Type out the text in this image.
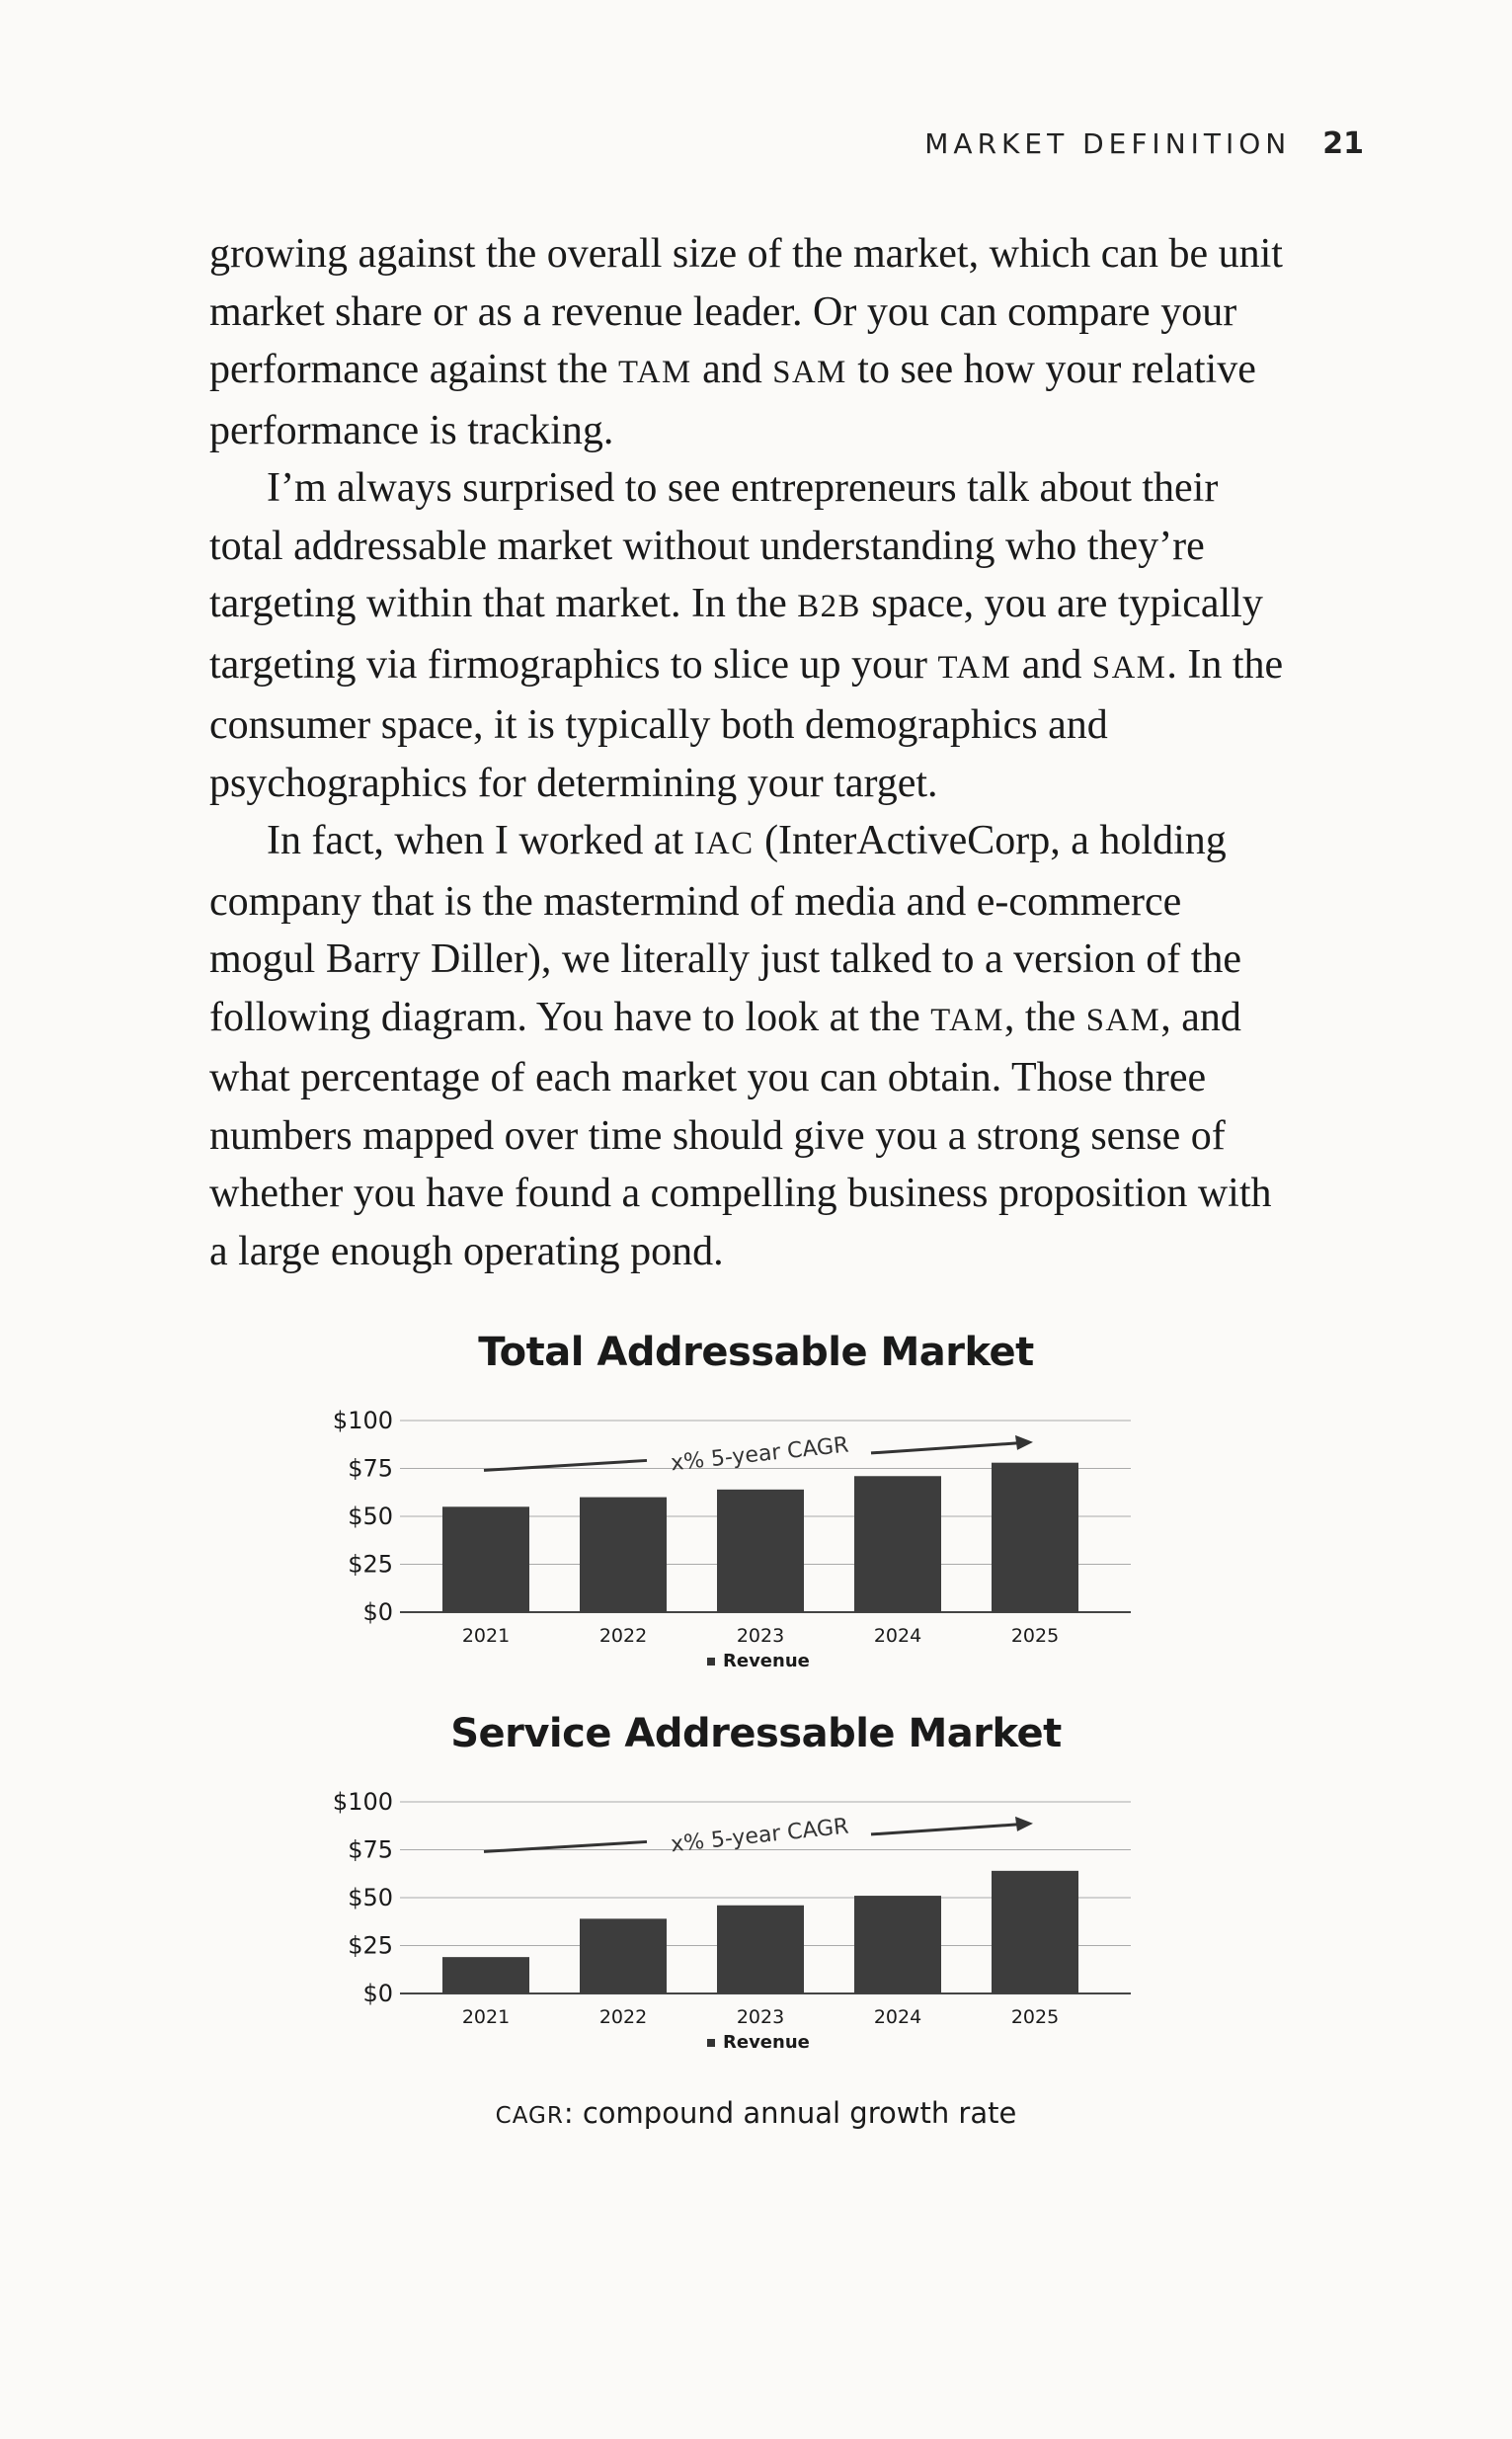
MARKET DEFINITION 21

growing against the overall size of the market, which can be unit market share or as a revenue leader. Or you can compare your performance against the TAM and SAM to see how your relative performance is tracking.

I’m always surprised to see entrepreneurs talk about their total addressable market without understanding who they’re targeting within that market. In the B2B space, you are typically targeting via firmographics to slice up your TAM and SAM. In the consumer space, it is typically both demographics and psychographics for determining your target.

In fact, when I worked at IAC (InterActiveCorp, a holding company that is the mastermind of media and e-commerce mogul Barry Diller), we literally just talked to a version of the following diagram. You have to look at the TAM, the SAM, and what percentage of each market you can obtain. Those three numbers mapped over time should give you a strong sense of whether you have found a compelling business proposition with a large enough operating pond.

Total Addressable Market
$100
$75
$50
$25
$0
2021	2022	2023	2024	2025
x% 5-year CAGR
Revenue
Service Addressable Market
$100
$75
$50
$25
$0
2021	2022	2023	2024	2025
x% 5-year CAGR
Revenue
CAGR: compound annual growth rate
